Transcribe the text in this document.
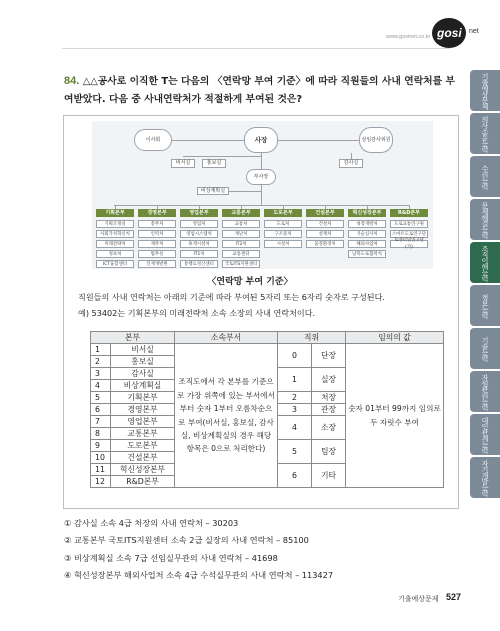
www.gosinet.co.kr gosi net
기출예상문제
의사소통능력
수리능력
문제해결능력
조직이해능력
정보능력
기술능력
자원관리능력
대인관계능력
자기개발능력
84. △△공사로 이직한 T는 다음의 〈연락망 부여 기준〉에 따라 직원들의 사내 연락처를 부여받았다. 다음 중 사내연락처가 적절하게 부여된 것은?
이사회	사장	상임감사위원
비서실	홍보실	감사실
부사장
비상계획실
기획본부
기획조정실
사회가치혁신처
미래전략처
정보처
ICT융합센터
경영본부
총무처
인력처
재무처
법무실
인재개발원
영업본부
영업처
영업시스템처
휴게시설처
IT1처
통행료정산센터
교통본부
교통처
재난처
IT2처
교통센터
국토ITS지원센터
도로본부
도로처
구조물처
시설처
건설본부
건설처
설계처
품질환경처
혁신성장본부
성장개발처
기술심사처
해외사업처
남북도로협력처
R&D본부
도로교통연구원
스마트도로연구단
토양터널연구단(가)
〈연락망 부여 기준〉
직원들의 사내 연락처는 아래의 기준에 따라 부여된 5자리 또는 6자리 숫자로 구성된다.
예) 53402는 기획본부의 미래전략처 소속 소장의 사내 연락처이다.
본부		소속부서	직위		임의의 값
1	비서실	조직도에서 각 본부를 기준으로 가장 위쪽에 있는 부서에서부터 숫자 1부터 오름차순으로 부여(비서실, 홍보실, 감사실, 비상계획실의 경우 해당 항목은 0으로 처리한다)	0	단장	숫자 01부터 99까지 임의로 두 자릿수 부여
2	홍보실				
3	감사실		1	실장	
4	비상계획실				
5	기획본부		2	처장	
6	경영본부		3	관장	
7	영업본부		4	소장	
8	교통본부				
9	도로본부		5	팀장	
10	건설본부				
11	혁신성장본부		6	기타	
12	R&D본부				
① 감사실 소속 4급 처장의 사내 연락처 – 30203
② 교통본부 국토ITS지원센터 소속 2급 실장의 사내 연락처 – 85100
③ 비상계획실 소속 7급 선임실무관의 사내 연락처 – 41698
④ 혁신성장본부 해외사업처 소속 4급 수석실무관의 사내 연락처 – 113427
기출예상문제 527
